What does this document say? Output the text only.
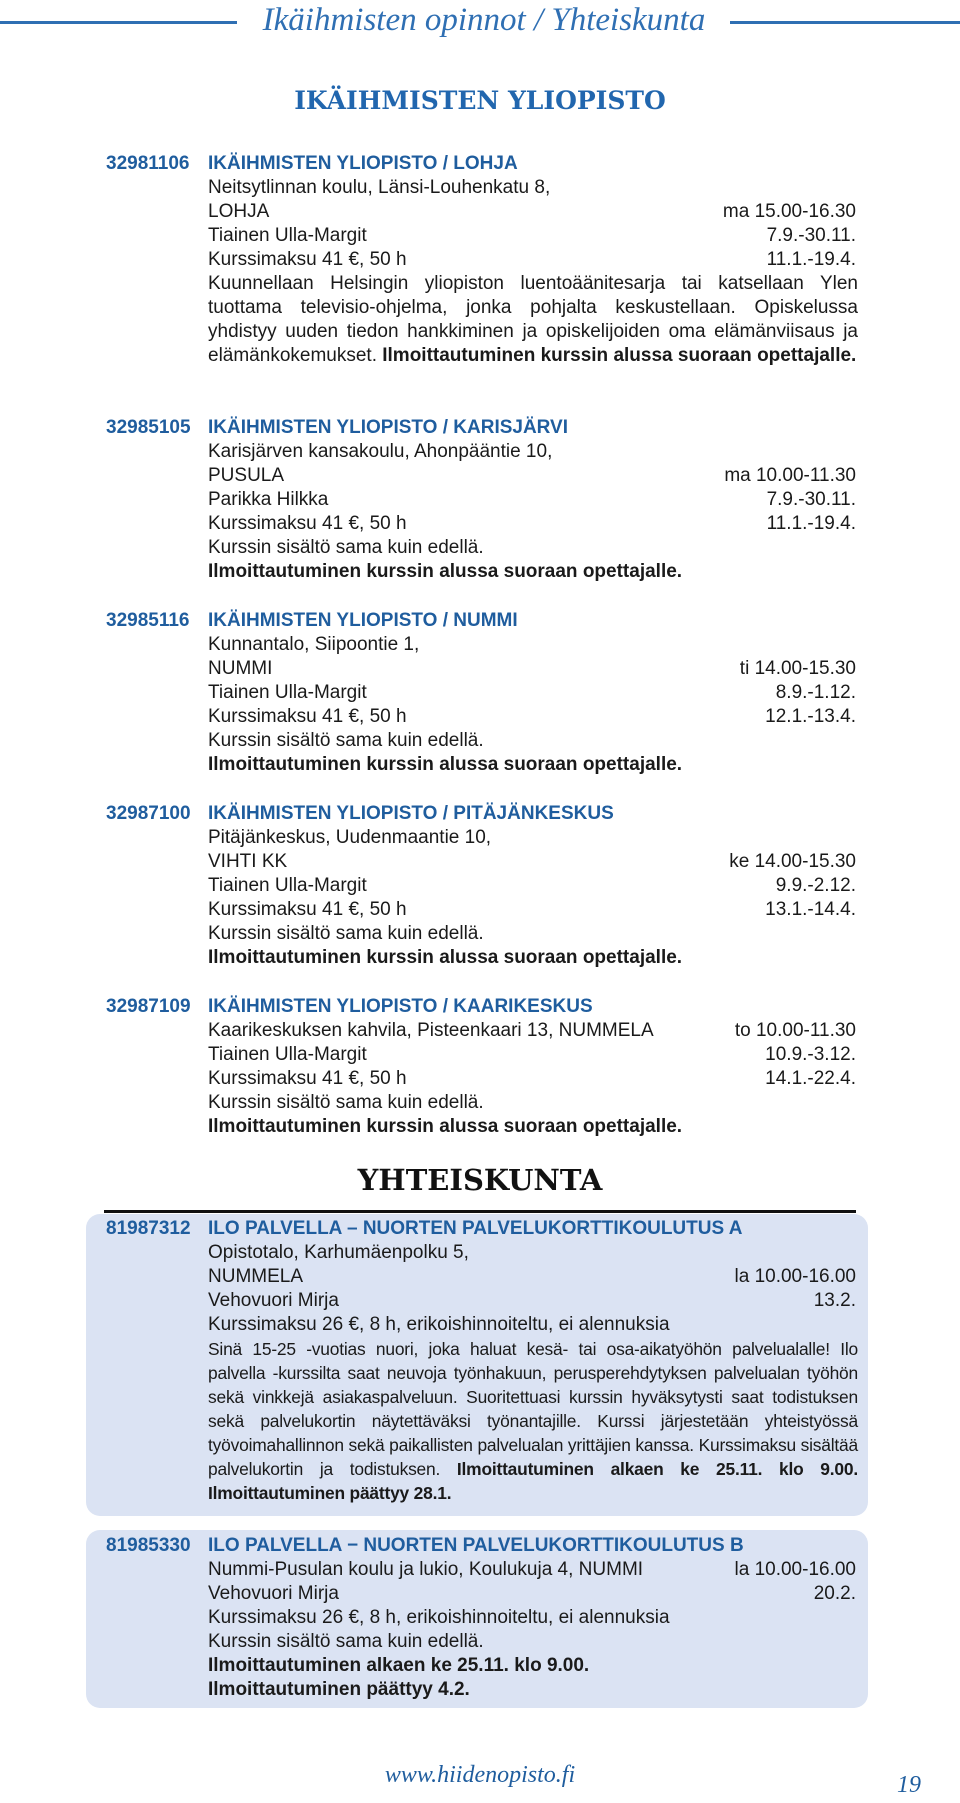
Ikäihmisten opinnot / Yhteiskunta
IKÄIHMISTEN YLIOPISTO
32981106 IKÄIHMISTEN YLIOPISTO / LOHJA
Neitsytlinnan koulu, Länsi-Louhenkatu 8,
LOHJA	ma 15.00-16.30
Tiainen Ulla-Margit	7.9.-30.11.
Kurssimaksu 41 €, 50 h	11.1.-19.4.
Kuunnellaan Helsingin yliopiston luentoäänitesarja tai katsellaan Ylen tuottama televisio-ohjelma, jonka pohjalta keskustellaan. Opiskelussa yhdistyy uuden tiedon hankkiminen ja opiskelijoiden oma elämänviisaus ja elämänkokemukset. Ilmoittautuminen kurssin alussa suoraan opettajalle.
32985105 IKÄIHMISTEN YLIOPISTO / KARISJÄRVI
Karisjärven kansakoulu, Ahonpääntie 10,
PUSULA	ma 10.00-11.30
Parikka Hilkka	7.9.-30.11.
Kurssimaksu 41 €, 50 h	11.1.-19.4.
Kurssin sisältö sama kuin edellä.
Ilmoittautuminen kurssin alussa suoraan opettajalle.
32985116 IKÄIHMISTEN YLIOPISTO / NUMMI
Kunnantalo, Siipoontie 1,
NUMMI	ti 14.00-15.30
Tiainen Ulla-Margit	8.9.-1.12.
Kurssimaksu 41 €, 50 h	12.1.-13.4.
Kurssin sisältö sama kuin edellä.
Ilmoittautuminen kurssin alussa suoraan opettajalle.
32987100 IKÄIHMISTEN YLIOPISTO / PITÄJÄNKESKUS
Pitäjänkeskus, Uudenmaantie 10,
VIHTI KK	ke 14.00-15.30
Tiainen Ulla-Margit	9.9.-2.12.
Kurssimaksu 41 €, 50 h	13.1.-14.4.
Kurssin sisältö sama kuin edellä.
Ilmoittautuminen kurssin alussa suoraan opettajalle.
32987109 IKÄIHMISTEN YLIOPISTO / KAARIKESKUS
Kaarikeskuksen kahvila, Pisteenkaari 13, NUMMELA	to 10.00-11.30
Tiainen Ulla-Margit	10.9.-3.12.
Kurssimaksu 41 €, 50 h	14.1.-22.4.
Kurssin sisältö sama kuin edellä.
Ilmoittautuminen kurssin alussa suoraan opettajalle.
YHTEISKUNTA
81987312 ILO PALVELLA – NUORTEN PALVELUKORTTIKOULUTUS A
Opistotalo, Karhumäenpolku 5,
NUMMELA	la 10.00-16.00
Vehovuori Mirja	13.2.
Kurssimaksu 26 €, 8 h, erikoishinnoiteltu, ei alennuksia
Sinä 15-25 -vuotias nuori, joka haluat kesä- tai osa-aikatyöhön palvelualalle! Ilo palvella -kurssilta saat neuvoja työnhakuun, perusperehdytyksen palvelualan työhön sekä vinkkejä asiakaspalveluun. Suoritettuasi kurssin hyväksytysti saat todistuksen sekä palvelukortin näytettäväksi työnantajille. Kurssi järjestetään yhteistyössä työvoimahallinnon sekä paikallisten palvelualan yrittäjien kanssa. Kurssimaksu sisältää palvelukortin ja todistuksen. Ilmoittautuminen alkaen ke 25.11. klo 9.00. Ilmoittautuminen päättyy 28.1.
81985330 ILO PALVELLA − NUORTEN PALVELUKORTTIKOULUTUS B
Nummi-Pusulan koulu ja lukio, Koulukuja 4, NUMMI	la 10.00-16.00
Vehovuori Mirja	20.2.
Kurssimaksu 26 €, 8 h, erikoishinnoiteltu, ei alennuksia
Kurssin sisältö sama kuin edellä.
Ilmoittautuminen alkaen ke 25.11. klo 9.00.
Ilmoittautuminen päättyy 4.2.
www.hiidenopisto.fi	19
